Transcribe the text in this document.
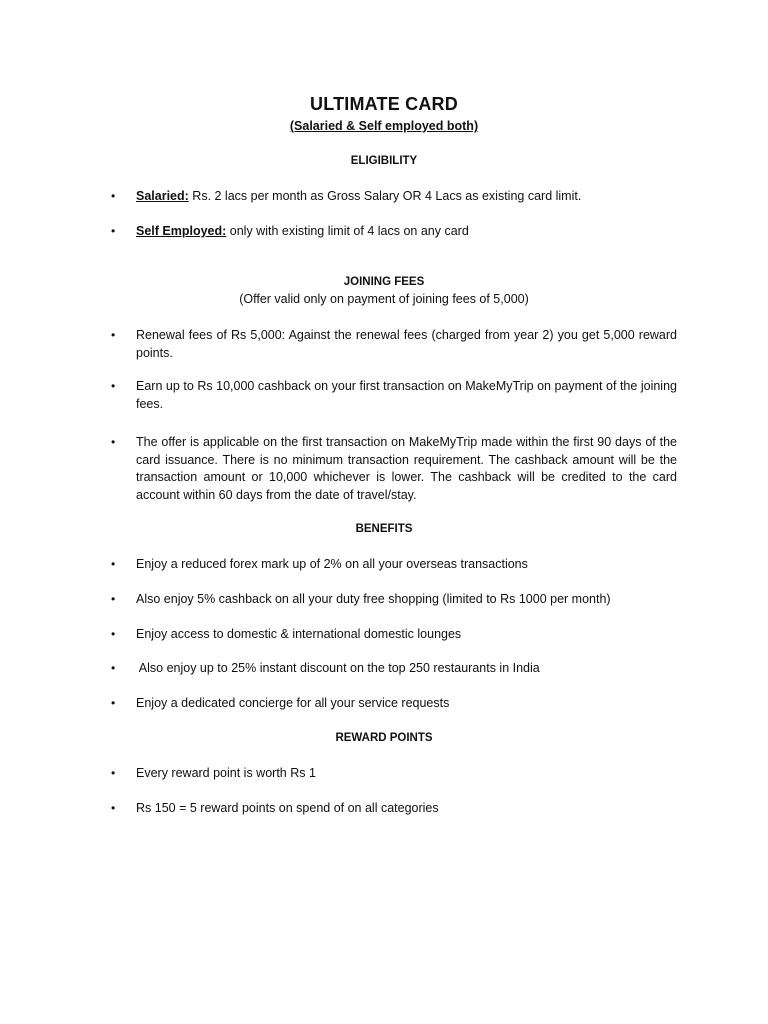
ULTIMATE CARD
(Salaried & Self employed both)
ELIGIBILITY
•	Salaried: Rs. 2 lacs per month as Gross Salary OR 4 Lacs as existing card limit.
•	Self Employed: only with existing limit of 4 lacs on any card
JOINING FEES
(Offer valid only on payment of joining fees of 5,000)
•	Renewal fees of Rs 5,000: Against the renewal fees (charged from year 2) you get 5,000 reward points.
•	Earn up to Rs 10,000 cashback on your first transaction on MakeMyTrip on payment of the joining fees.
•	The offer is applicable on the first transaction on MakeMyTrip made within the first 90 days of the card issuance. There is no minimum transaction requirement. The cashback amount will be the transaction amount or 10,000 whichever is lower. The cashback will be credited to the card account within 60 days from the date of travel/stay.
BENEFITS
•	Enjoy a reduced forex mark up of 2% on all your overseas transactions
•	Also enjoy 5% cashback on all your duty free shopping (limited to Rs 1000 per month)
•	Enjoy access to domestic & international domestic lounges
•	Also enjoy up to 25% instant discount on the top 250 restaurants in India
•	Enjoy a dedicated concierge for all your service requests
REWARD POINTS
•	Every reward point is worth Rs 1
•	Rs 150 = 5 reward points on spend of on all categories
